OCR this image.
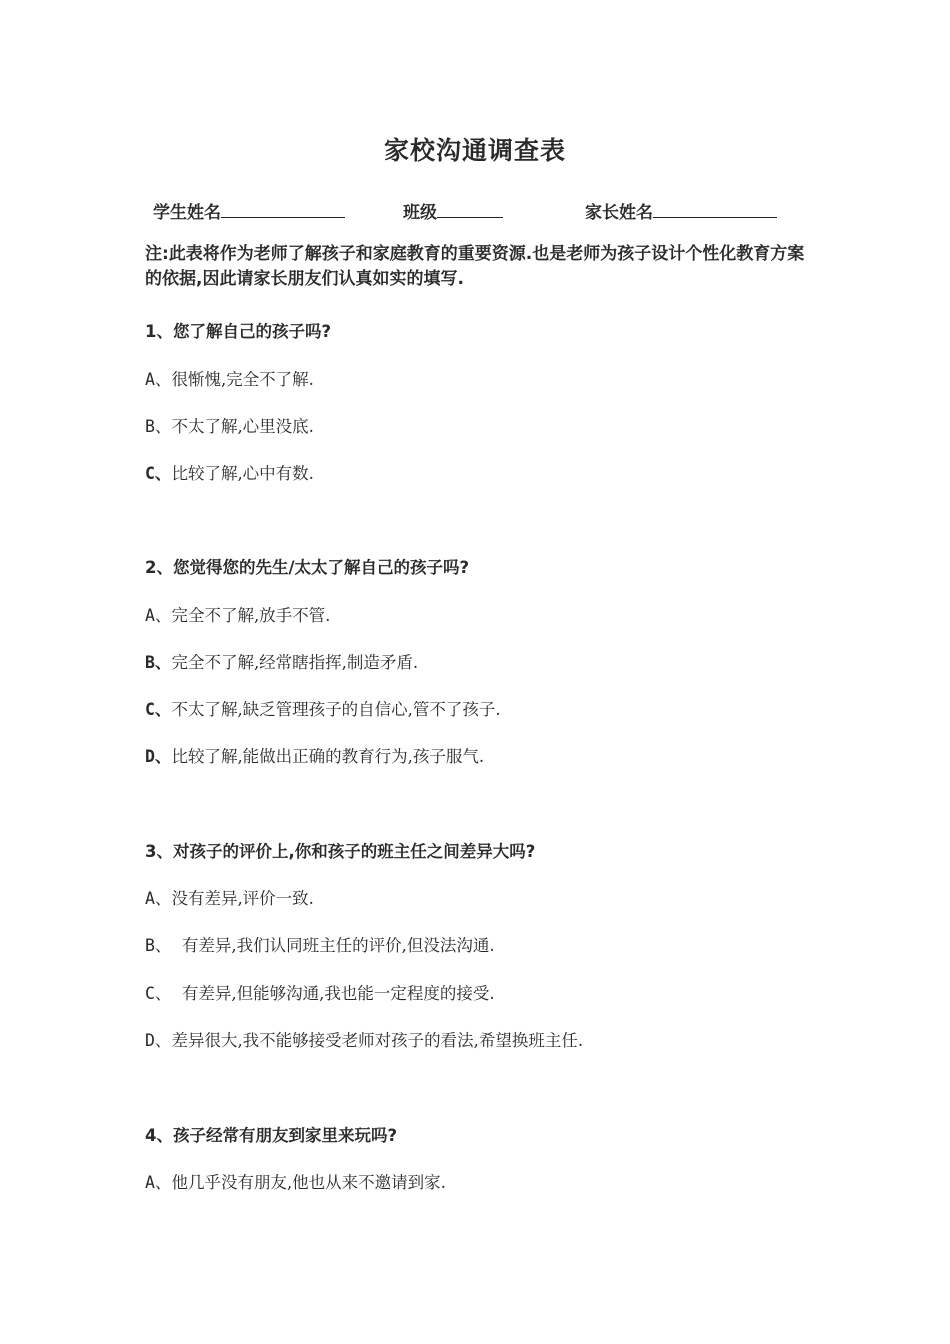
家校沟通调查表
学生姓名	班级	家长姓名
注:此表将作为老师了解孩子和家庭教育的重要资源.也是老师为孩子设计个性化教育方案的依据,因此请家长朋友们认真如实的填写.
1、您了解自己的孩子吗?
A、很惭愧,完全不了解.
B、不太了解,心里没底.
C、比较了解,心中有数.
2、您觉得您的先生/太太了解自己的孩子吗?
A、完全不了解,放手不管.
B、完全不了解,经常瞎指挥,制造矛盾.
C、不太了解,缺乏管理孩子的自信心,管不了孩子.
D、比较了解,能做出正确的教育行为,孩子服气.
3、对孩子的评价上,你和孩子的班主任之间差异大吗?
A、没有差异,评价一致.
B、  有差异,我们认同班主任的评价,但没法沟通.
C、  有差异,但能够沟通,我也能一定程度的接受.
D、差异很大,我不能够接受老师对孩子的看法,希望换班主任.
4、孩子经常有朋友到家里来玩吗?
A、他几乎没有朋友,他也从来不邀请到家.
